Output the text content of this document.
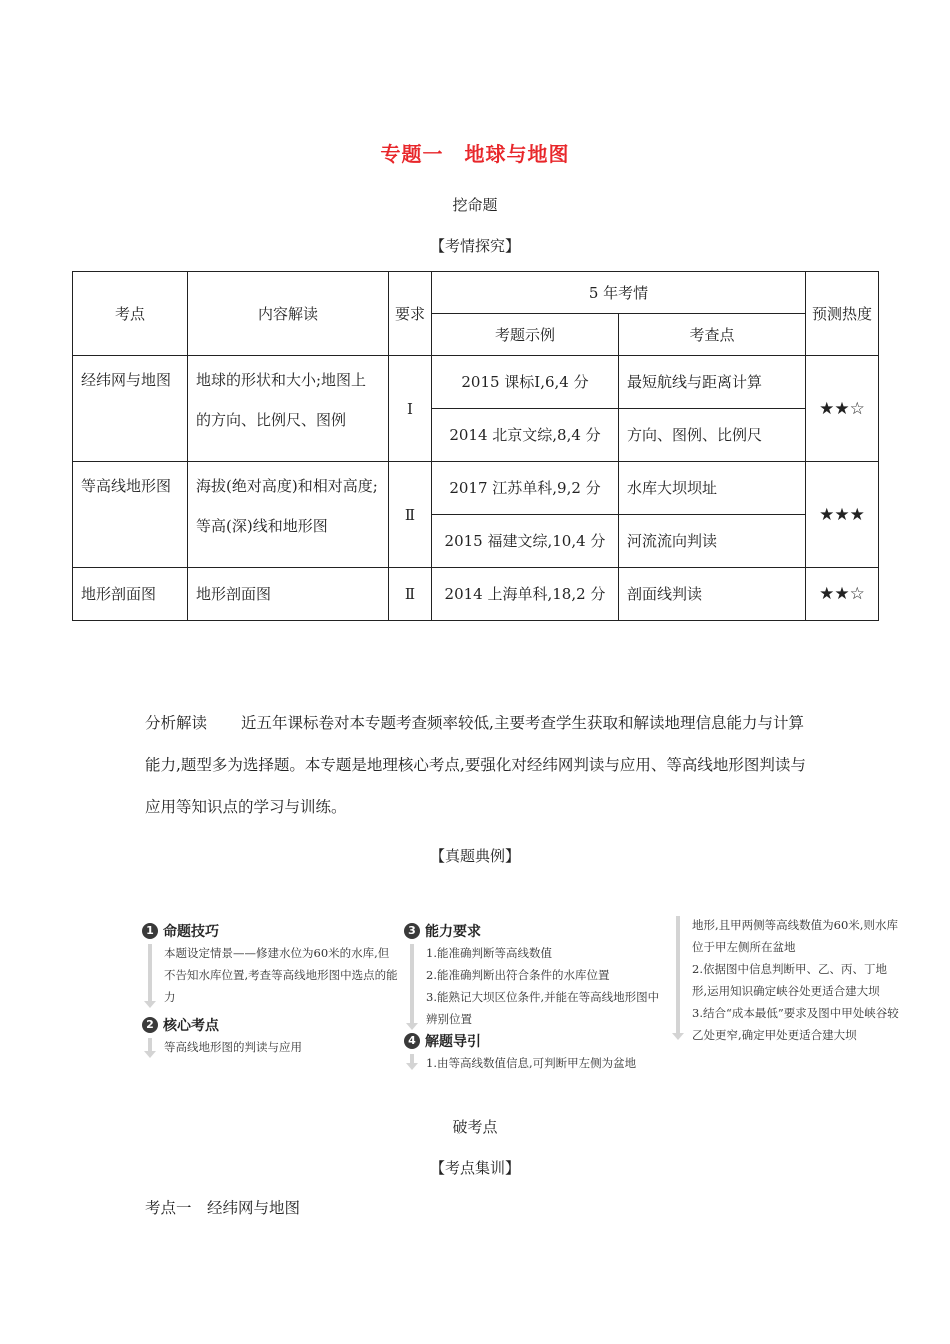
专题一　地球与地图
挖命题
【考情探究】
考点	内容解读	要求	5 年考情		预测热度
			考题示例	考查点	
经纬网与地图	地球的形状和大小;地图上的方向、比例尺、图例	Ⅰ	2015 课标Ⅰ,6,4 分	最短航线与距离计算	★★☆
			2014 北京文综,8,4 分	方向、图例、比例尺	
等高线地形图	海拔(绝对高度)和相对高度;等高(深)线和地形图	Ⅱ	2017 江苏单科,9,2 分	水库大坝坝址	★★★
			2015 福建文综,10,4 分	河流流向判读	
地形剖面图	地形剖面图	Ⅱ	2014 上海单科,18,2 分	剖面线判读	★★☆
分析解读 近五年课标卷对本专题考查频率较低,主要考查学生获取和解读地理信息能力与计算能力,题型多为选择题。本专题是地理核心考点,要强化对经纬网判读与应用、等高线地形图判读与应用等知识点的学习与训练。
【真题典例】
1 命题技巧
本题设定情景——修建水位为60米的水库,但不告知水库位置,考查等高线地形图中选点的能力
2 核心考点
等高线地形图的判读与应用
3 能力要求
1.能准确判断等高线数值
2.能准确判断出符合条件的水库位置
3.能熟记大坝区位条件,并能在等高线地形图中辨别位置
4 解题导引
1.由等高线数值信息,可判断甲左侧为盆地
地形,且甲两侧等高线数值为60米,则水库位于甲左侧所在盆地
2.依据图中信息判断甲、乙、丙、丁地形,运用知识确定峡谷处更适合建大坝
3.结合“成本最低”要求及图中甲处峡谷较乙处更窄,确定甲处更适合建大坝
破考点
【考点集训】
考点一　经纬网与地图
